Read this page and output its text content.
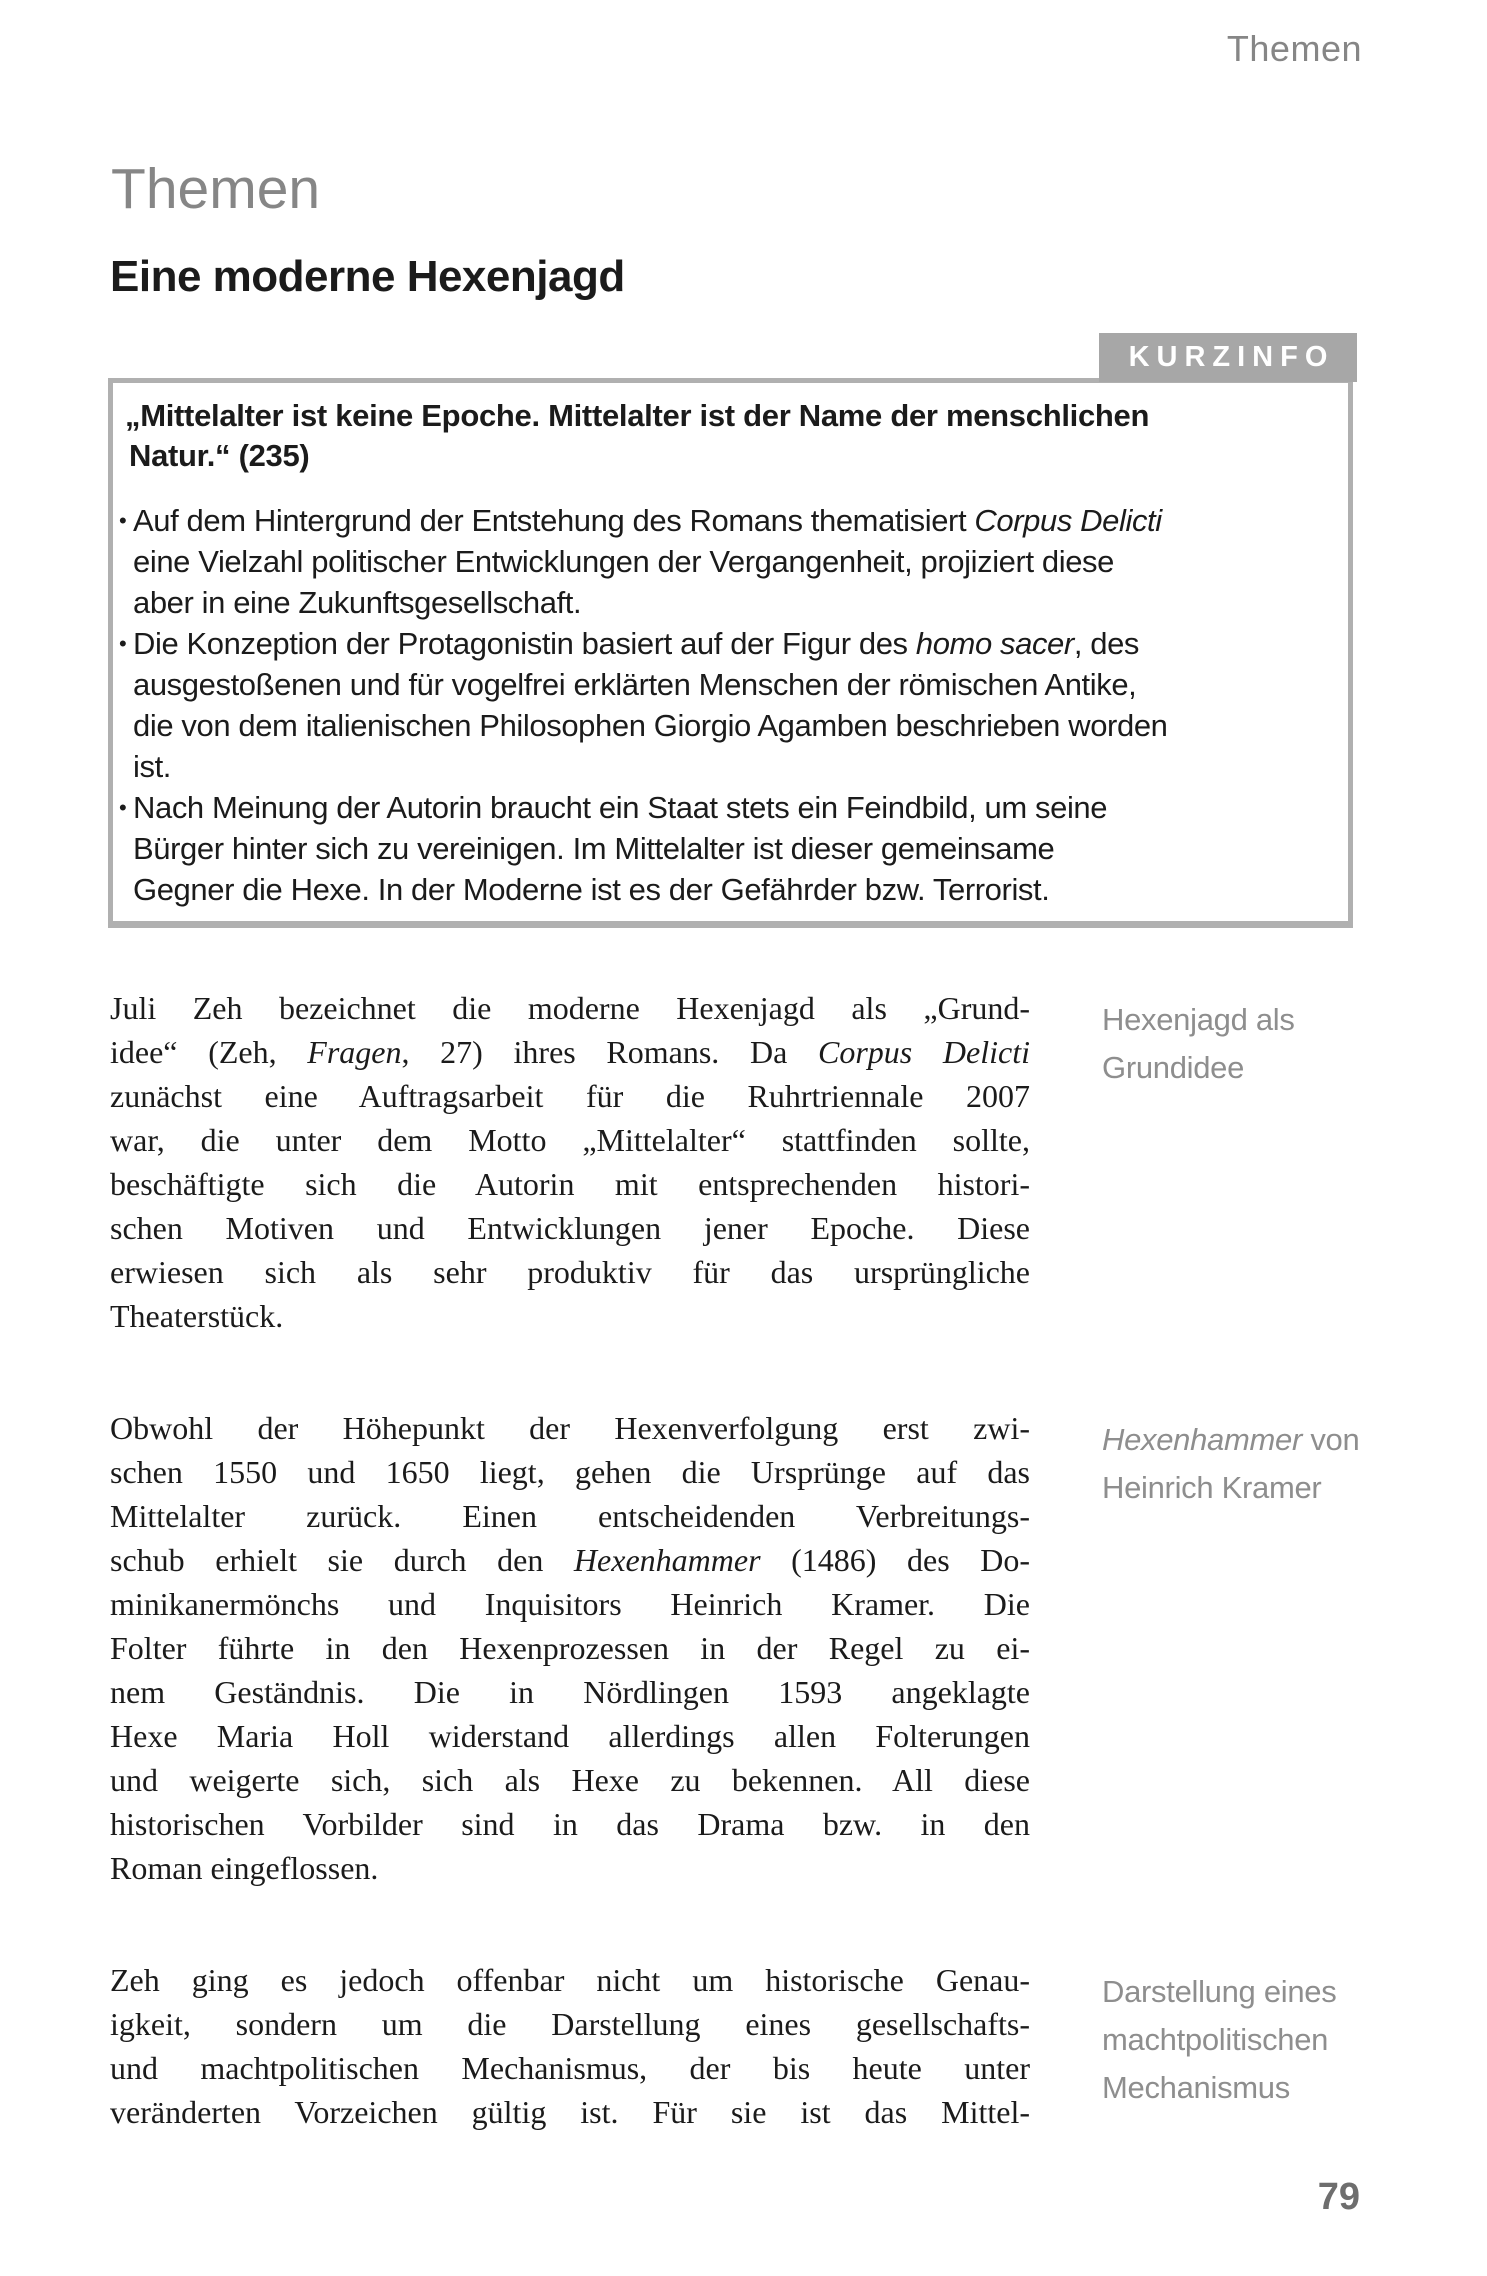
Themen
Themen
Eine moderne Hexenjagd
KURZINFO
„Mittelalter ist keine Epoche. Mittelalter ist der Name der menschlichen
Natur.“ (235)
• Auf dem Hintergrund der Entstehung des Romans thematisiert Corpus Delicti
eine Vielzahl politischer Entwicklungen der Vergangenheit, projiziert diese
aber in eine Zukunftsgesellschaft.
• Die Konzeption der Protagonistin basiert auf der Figur des homo sacer, des
ausgestoßenen und für vogelfrei erklärten Menschen der römischen Antike,
die von dem italienischen Philosophen Giorgio Agamben beschrieben worden
ist.
• Nach Meinung der Autorin braucht ein Staat stets ein Feindbild, um seine
Bürger hinter sich zu vereinigen. Im Mittelalter ist dieser gemeinsame
Gegner die Hexe. In der Moderne ist es der Gefährder bzw. Terrorist.
Juli Zeh bezeichnet die moderne Hexenjagd als „Grund-
idee“ (Zeh, Fragen, 27) ihres Romans. Da Corpus Delicti
zunächst eine Auftragsarbeit für die Ruhrtriennale 2007
war, die unter dem Motto „Mittelalter“ stattfinden sollte,
beschäftigte sich die Autorin mit entsprechenden histori-
schen Motiven und Entwicklungen jener Epoche. Diese
erwiesen sich als sehr produktiv für das ursprüngliche
Theaterstück.
Hexenjagd als
Grundidee
Obwohl der Höhepunkt der Hexenverfolgung erst zwi-
schen 1550 und 1650 liegt, gehen die Ursprünge auf das
Mittelalter zurück. Einen entscheidenden Verbreitungs-
schub erhielt sie durch den Hexenhammer (1486) des Do-
minikanermönchs und Inquisitors Heinrich Kramer. Die
Folter führte in den Hexenprozessen in der Regel zu ei-
nem Geständnis. Die in Nördlingen 1593 angeklagte
Hexe Maria Holl widerstand allerdings allen Folterungen
und weigerte sich, sich als Hexe zu bekennen. All diese
historischen Vorbilder sind in das Drama bzw. in den
Roman eingeflossen.
Hexenhammer von
Heinrich Kramer
Zeh ging es jedoch offenbar nicht um historische Genau-
igkeit, sondern um die Darstellung eines gesellschafts-
und machtpolitischen Mechanismus, der bis heute unter
veränderten Vorzeichen gültig ist. Für sie ist das Mittel-
Darstellung eines
machtpolitischen
Mechanismus
79
